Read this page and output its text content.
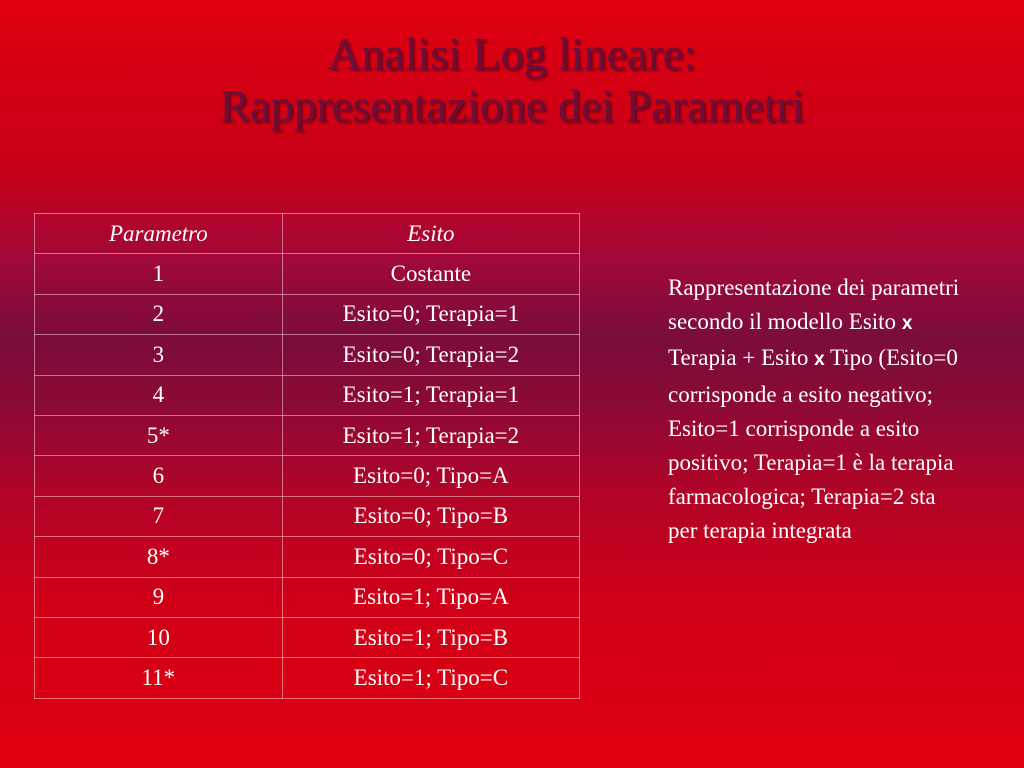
Analisi Log lineare:
Rappresentazione dei Parametri
Parametro	Esito
1	Costante
2	Esito=0; Terapia=1
3	Esito=0; Terapia=2
4	Esito=1; Terapia=1
5*	Esito=1; Terapia=2
6	Esito=0; Tipo=A
7	Esito=0; Tipo=B
8*	Esito=0; Tipo=C
9	Esito=1; Tipo=A
10	Esito=1; Tipo=B
11*	Esito=1; Tipo=C
Rappresentazione dei parametri secondo il modello Esito x Terapia + Esito x Tipo (Esito=0 corrisponde a esito negativo; Esito=1 corrisponde a esito positivo; Terapia=1 è la terapia farmacologica; Terapia=2 sta per terapia integrata
